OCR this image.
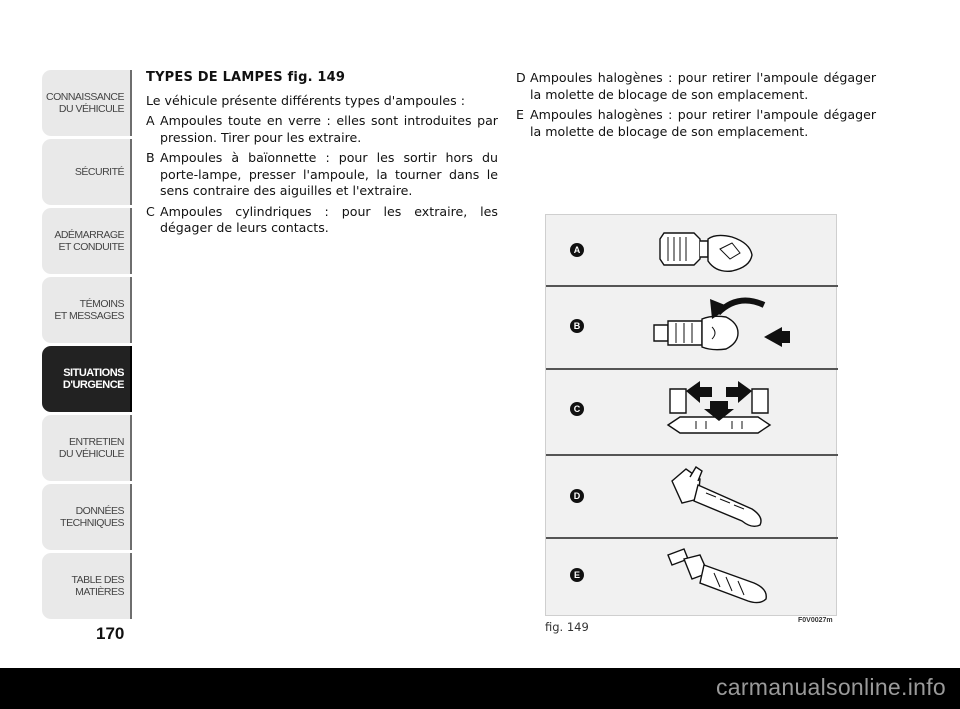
CONNAISSANCE
DU VÉHICULE
SÉCURITÉ
ADÉMARRAGE
ET CONDUITE
TÉMOINS
ET MESSAGES
SITUATIONS
D'URGENCE
ENTRETIEN
DU VÉHICULE
DONNÉES
TECHNIQUES
TABLE DES
MATIÈRES
170
TYPES DE LAMPES fig. 149

Le véhicule présente différents types d'ampoules :

A Ampoules toute en verre : elles sont introduites par pression. Tirer pour les extraire.
B Ampoules à baïonnette : pour les sortir hors du porte-lampe, presser l'ampoule, la tourner dans le sens contraire des aiguilles et l'extraire.
C Ampoules cylindriques : pour les extraire, les dégager de leurs contacts.
D Ampoules halogènes : pour retirer l'ampoule dégager la molette de blocage de son emplacement.
E Ampoules halogènes : pour retirer l'ampoule dégager la molette de blocage de son emplacement.
A
B
C
D
E
fig. 149	F0V0027m
carmanualsonline.info
